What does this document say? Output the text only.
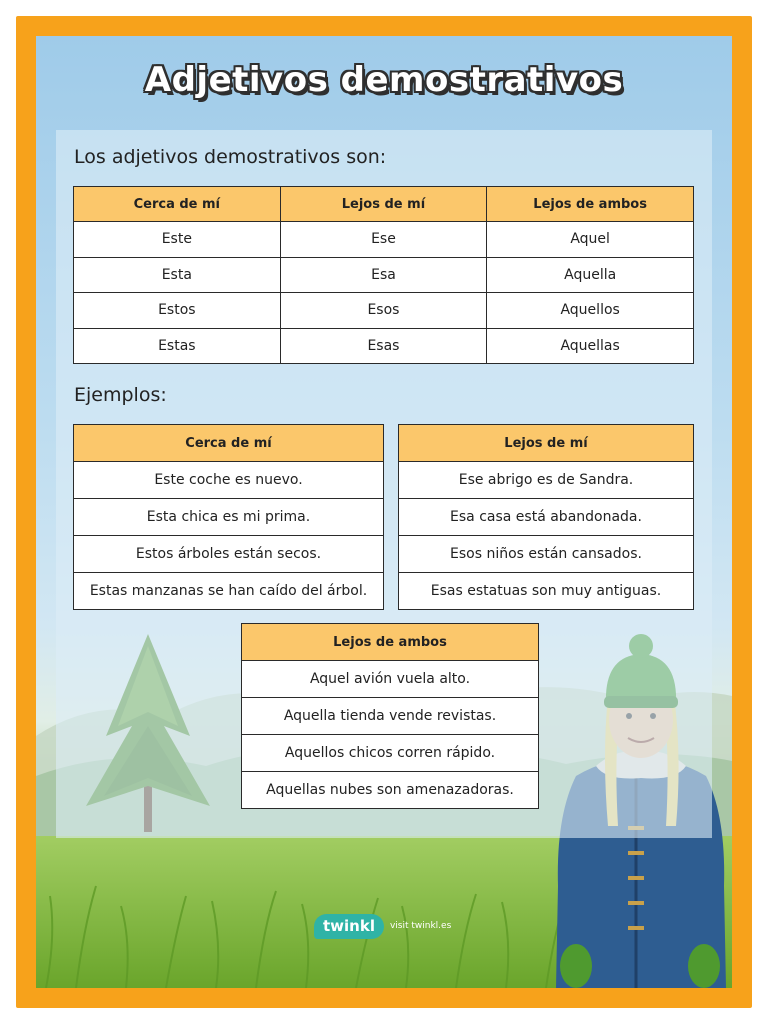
Adjetivos demostrativos
Los adjetivos demostrativos son:
Cerca de mí	Lejos de mí	Lejos de ambos
Este	Ese	Aquel
Esta	Esa	Aquella
Estos	Esos	Aquellos
Estas	Esas	Aquellas
Ejemplos:
Cerca de mí
Este coche es nuevo.
Esta chica es mi prima.
Estos árboles están secos.
Estas manzanas se han caído del árbol.
Lejos de mí
Ese abrigo es de Sandra.
Esa casa está abandonada.
Esos niños están cansados.
Esas estatuas son muy antiguas.
Lejos de ambos
Aquel avión vuela alto.
Aquella tienda vende revistas.
Aquellos chicos corren rápido.
Aquellas nubes son amenazadoras.
twinkl	visit twinkl.es
